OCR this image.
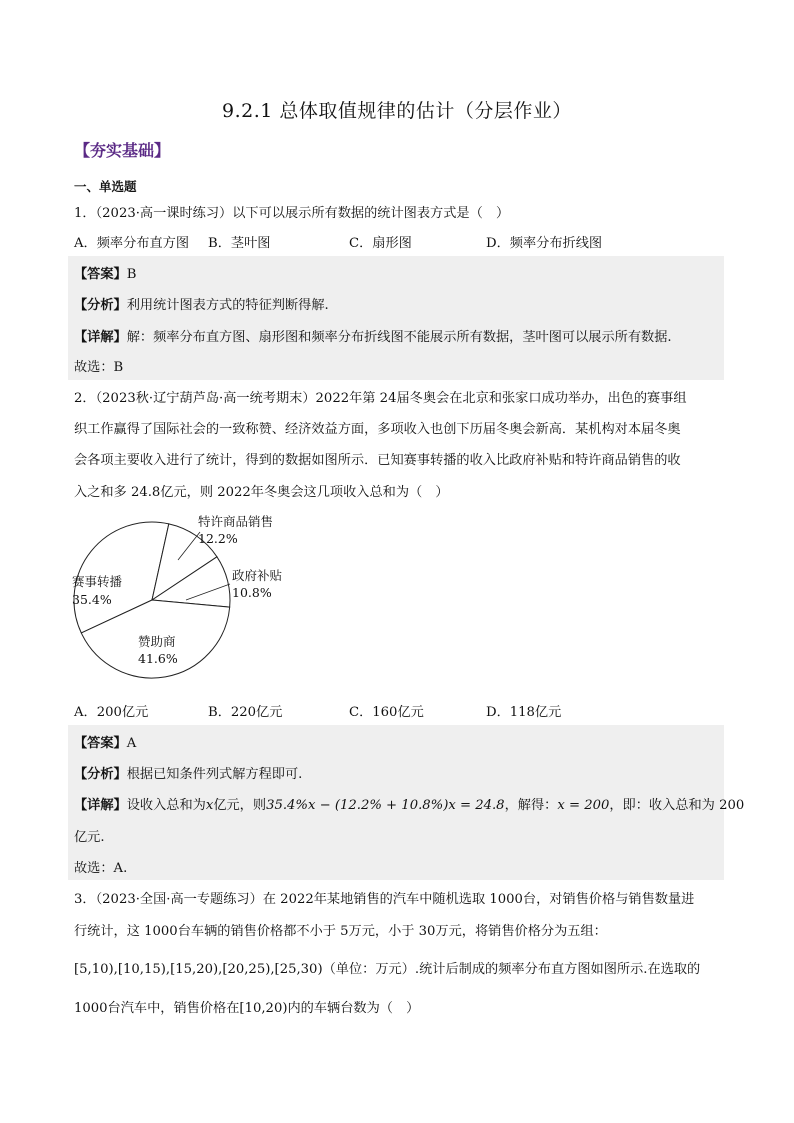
9.2.1 总体取值规律的估计（分层作业）
【夯实基础】
一、单选题
1．（2023·高一课时练习）以下可以展示所有数据的统计图表方式是（　）
A．频率分布直方图 B．茎叶图	C．扇形图	D．频率分布折线图
【答案】B
【分析】利用统计图表方式的特征判断得解.
【详解】解：频率分布直方图、扇形图和频率分布折线图不能展示所有数据，茎叶图可以展示所有数据.
故选：B
2．（2023秋·辽宁葫芦岛·高一统考期末）2022年第 24届冬奥会在北京和张家口成功举办，出色的赛事组
织工作赢得了国际社会的一致称赞、经济效益方面，多项收入也创下历届冬奥会新高．某机构对本届冬奥
会各项主要收入进行了统计，得到的数据如图所示．已知赛事转播的收入比政府补贴和特许商品销售的收
入之和多 24.8亿元，则 2022年冬奥会这几项收入总和为（　）
赛事转播
35.4%
特许商品销售
12.2%
政府补贴
10.8%
赞助商
41.6%
A．200亿元	B．220亿元	C．160亿元	D．118亿元
【答案】A
【分析】根据已知条件列式解方程即可.
【详解】设收入总和为x亿元，则35.4%x − (12.2% + 10.8%)x = 24.8，解得：x = 200，即：收入总和为 200
亿元.
故选：A.
3．（2023·全国·高一专题练习）在 2022年某地销售的汽车中随机选取 1000台，对销售价格与销售数量进
行统计，这 1000台车辆的销售价格都不小于 5万元，小于 30万元，将销售价格分为五组：
[5,10),[10,15),[15,20),[20,25),[25,30)（单位：万元）.统计后制成的频率分布直方图如图所示.在选取的
1000台汽车中，销售价格在[10,20)内的车辆台数为（　）
